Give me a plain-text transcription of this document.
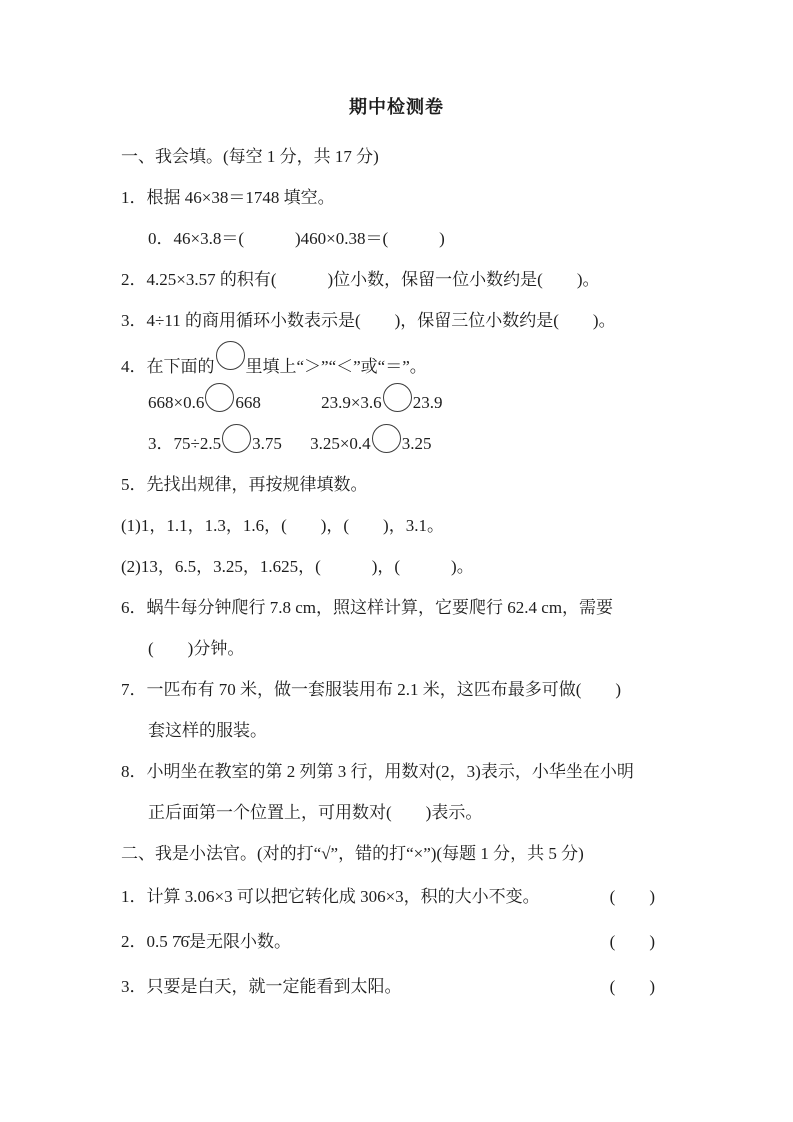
期中检测卷
一、我会填。(每空 1 分，共 17 分)
1．根据 46×38＝1748 填空。
0．46×3.8＝(　　　)460×0.38＝(　　　)
2．4.25×3.57 的积有(　　　)位小数，保留一位小数约是(　　)。
3．4÷11 的商用循环小数表示是(　　)，保留三位小数约是(　　)。
4．在下面的 里填上“＞”“＜”或“＝”。
668×0.6 668	23.9×3.6 23.9
3．75÷2.5 3.75 3.25×0.4 3.25
5．先找出规律，再按规律填数。
(1)1，1.1，1.3，1.6，(　　)，(　　)，3.1。
(2)13，6.5，3.25，1.625，(　　　)，(　　　)。
6．蜗牛每分钟爬行 7.8 cm，照这样计算，它要爬行 62.4 cm，需要
(　　)分钟。
7．一匹布有 70 米，做一套服装用布 2.1 米，这匹布最多可做(　　)
套这样的服装。
8．小明坐在教室的第 2 列第 3 行，用数对(2，3)表示，小华坐在小明
正后面第一个位置上，可用数对(　　)表示。
二、我是小法官。(对的打“√”，错的打“×”)(每题 1 分，共 5 分)
1．计算 3.06×3 可以把它转化成 306×3，积的大小不变。	(　　)
2．0.5 7̇6̇是无限小数。	(　　)
3．只要是白天，就一定能看到太阳。	(　　)
